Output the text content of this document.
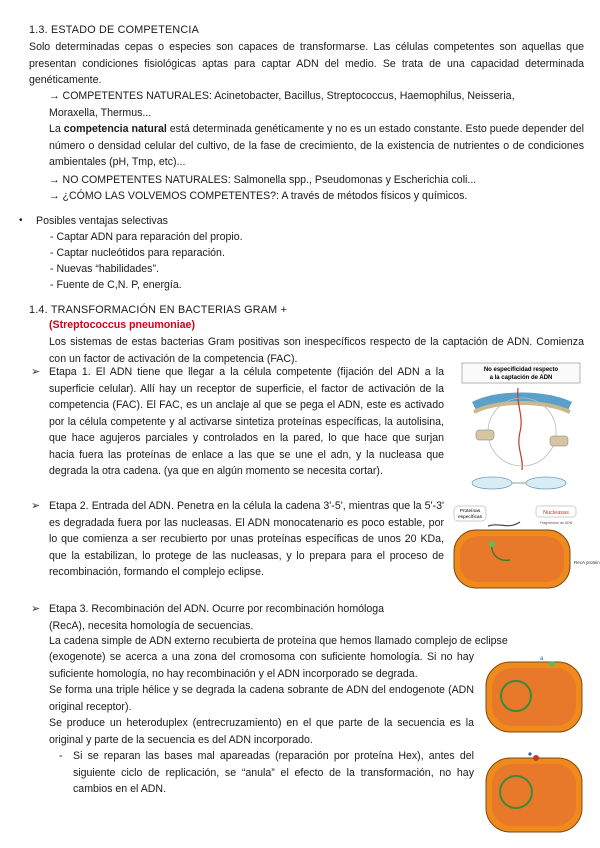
1.3. ESTADO DE COMPETENCIA
Solo determinadas cepas o especies son capaces de transformarse. Las células competentes son aquellas que presentan condiciones fisiológicas aptas para captar ADN del medio. Se trata de una capacidad determinada genéticamente.
→ COMPETENTES NATURALES: Acinetobacter, Bacillus, Streptococcus, Haemophilus, Neisseria,
Moraxella, Thermus...
La competencia natural está determinada genéticamente y no es un estado constante. Esto puede depender del número o densidad celular del cultivo, de la fase de crecimiento, de la existencia de nutrientes o de condiciones ambientales (pH, Tmp, etc)...
→ NO COMPETENTES NATURALES: Salmonella spp., Pseudomonas y Escherichia coli...
→ ¿CÓMO LAS VOLVEMOS COMPETENTES?: A través de métodos físicos y químicos.
• Posibles ventajas selectivas
- Captar ADN para reparación del propio.
- Captar nucleótidos para reparación.
- Nuevas “habilidades”.
- Fuente de C,N. P, energía.
1.4. TRANSFORMACIÓN EN BACTERIAS GRAM +
(Streptococcus pneumoniae)
Los sistemas de estas bacterias Gram positivas son inespecíficos respecto de la captación de ADN. Comienza con un factor de activación de la competencia (FAC).
➢ Etapa 1. El ADN tiene que llegar a la célula competente (fijación del ADN a la superficie celular). Allí hay un receptor de superficie, el factor de activación de la competencia (FAC). El FAC, es un anclaje al que se pega el ADN, este es activado por la célula competente y al activarse sintetiza proteínas específicas, la autolisina, que hace agujeros parciales y controlados en la pared, lo que hace que surjan hacia fuera las proteínas de enlace a las que se une el adn, y la nucleasa que degrada la otra cadena. (ya que en algún momento se necesita cortar).
No especificidad respecto
a la captación de ADN
➢ Etapa 2. Entrada del ADN. Penetra en la célula la cadena 3'-5', mientras que la 5'-3' es degradada fuera por las nucleasas. El ADN monocatenario es poco estable, por lo que comienza a ser recubierto por unas proteínas específicas de unos 20 KDa, que la estabilizan, lo protege de las nucleasas, y lo prepara para el proceso de recombinación, formando el complejo eclipse.
Proteínas
específicas
Nucleasas
Fragmentos de ADN
RecA protein
➢ Etapa 3. Recombinación del ADN. Ocurre por recombinación homóloga
(RecA), necesita homología de secuencias.
La cadena simple de ADN externo recubierta de proteína que hemos llamado complejo de eclipse
(exogenote) se acerca a una zona del cromosoma con suficiente homología. Si no hay suficiente homología, no hay recombinación y el ADN incorporado se degrada.
Se forma una triple hélice y se degrada la cadena sobrante de ADN del endogenote (ADN original receptor).
Se produce un heteroduplex (entrecruzamiento) en el que parte de la secuencia es la original y parte de la secuencia es del ADN incorporado.
- Si se reparan las bases mal apareadas (reparación por proteína Hex), antes del siguiente ciclo de replicación, se “anula” el efecto de la transformación, no hay cambios en el ADN.
a
